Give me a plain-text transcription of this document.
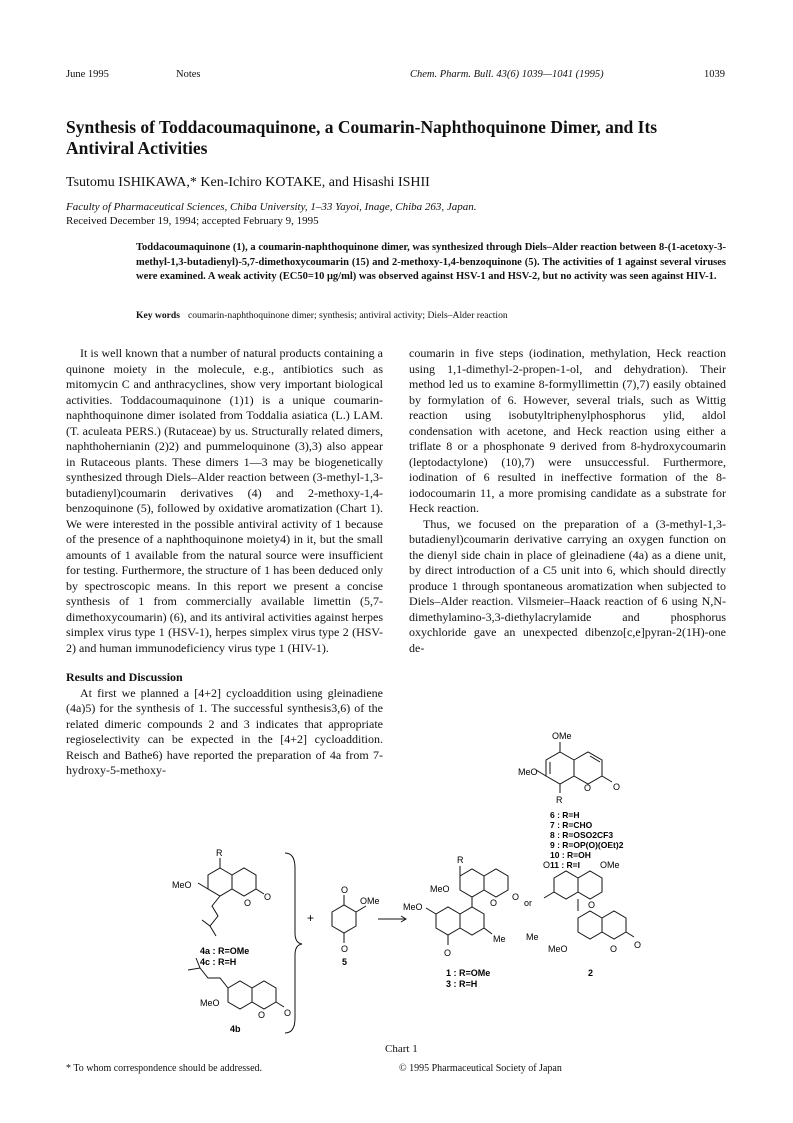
June 1995	Notes	Chem. Pharm. Bull. 43(6) 1039—1041 (1995)	1039
Synthesis of Toddacoumaquinone, a Coumarin-Naphthoquinone Dimer, and Its Antiviral Activities
Tsutomu ISHIKAWA,* Ken-Ichiro KOTAKE, and Hisashi ISHII
Faculty of Pharmaceutical Sciences, Chiba University, 1–33 Yayoi, Inage, Chiba 263, Japan.
Received December 19, 1994; accepted February 9, 1995

Toddacoumaquinone (1), a coumarin-naphthoquinone dimer, was synthesized through Diels–Alder reaction between 8-(1-acetoxy-3-methyl-1,3-butadienyl)-5,7-dimethoxycoumarin (15) and 2-methoxy-1,4-benzoquinone (5). The activities of 1 against several viruses were examined. A weak activity (EC50=10 μg/ml) was observed against HSV-1 and HSV-2, but no activity was seen against HIV-1.

Key words coumarin-naphthoquinone dimer; synthesis; antiviral activity; Diels–Alder reaction

It is well known that a number of natural products containing a quinone moiety in the molecule, e.g., antibiotics such as mitomycin C and anthracyclines, show very important biological activities. Toddacoumaquinone (1)1) is a unique coumarin-naphthoquinone dimer isolated from Toddalia asiatica (L.) LAM. (T. aculeata PERS.) (Rutaceae) by us. Structurally related dimers, naphthohernianin (2)2) and pummeloquinone (3),3) also appear in Rutaceous plants. These dimers 1—3 may be biogenetically synthesized through Diels–Alder reaction between (3-methyl-1,3-butadienyl)coumarin derivatives (4) and 2-methoxy-1,4-benzoquinone (5), followed by oxidative aromatization (Chart 1). We were interested in the possible antiviral activity of 1 because of the presence of a naphthoquinone moiety4) in it, but the small amounts of 1 available from the natural source were insufficient for testing. Furthermore, the structure of 1 has been deduced only by spectroscopic means. In this report we present a concise synthesis of 1 from commercially available limettin (5,7-dimethoxycoumarin) (6), and its antiviral activities against herpes simplex virus type 1 (HSV-1), herpes simplex virus type 2 (HSV-2) and human immunodeficiency virus type 1 (HIV-1).

Results and Discussion

At first we planned a [4+2] cycloaddition using gleinadiene (4a)5) for the synthesis of 1. The successful synthesis3,6) of the related dimeric compounds 2 and 3 indicates that appropriate regioselectivity can be expected in the [4+2] cycloaddition. Reisch and Bathe6) have reported the preparation of 4a from 7-hydroxy-5-methoxy-

coumarin in five steps (iodination, methylation, Heck reaction using 1,1-dimethyl-2-propen-1-ol, and dehydration). Their method led us to examine 8-formyllimettin (7),7) easily obtained by formylation of 6. However, several trials, such as Wittig reaction using isobutyltriphenylphosphorus ylid, aldol condensation with acetone, and Heck reaction using either a triflate 8 or a phosphonate 9 derived from 8-hydroxycoumarin (leptodactylone) (10),7) were unsuccessful. Furthermore, iodination of 6 resulted in ineffective formation of the 8-iodocoumarin 11, a more promising candidate as a substrate for Heck reaction.

Thus, we focused on the preparation of a (3-methyl-1,3-butadienyl)coumarin derivative carrying an oxygen function on the dienyl side chain in place of gleinadiene (4a) as a diene unit, by direct introduction of a C5 unit into 6, which should directly produce 1 through spontaneous aromatization when subjected to Diels–Alder reaction. Vilsmeier–Haack reaction of 6 using N,N-dimethylamino-3,3-diethylacrylamide and phosphorus oxychloride gave an unexpected dibenzo[c,e]pyran-2(1H)-one de-

OMe
MeO
O O
R
6 : R=H
7 : R=CHO
8 : R=OSO2CF3
9 : R=OP(O)(OEt)2
10 : R=OH
11 : R=I
R
MeO
O
O
4a : R=OMe
4c : R=H
MeO
O O
4b
+
O
OMe
O
5
R
MeO
O
O
MeO
O
Me
1 : R=OMe
3 : R=H
or
O	OMe
O
Me
MeO	O O
2
Chart 1
* To whom correspondence should be addressed.	© 1995 Pharmaceutical Society of Japan
